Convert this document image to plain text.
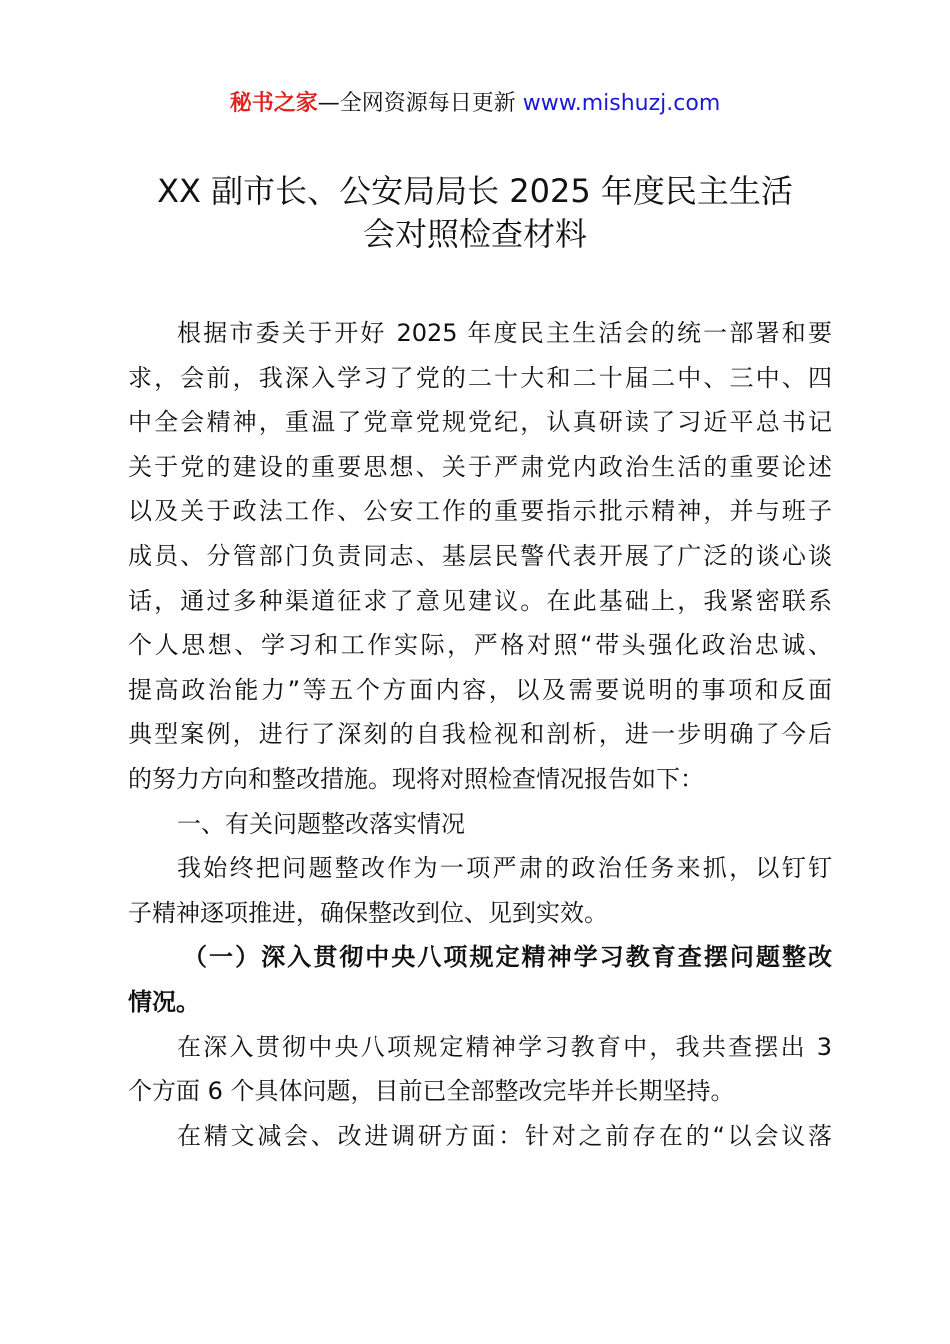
秘书之家—全网资源每日更新 www.mishuzj.com
XX 副市长、公安局局长 2025 年度民主生活
会对照检查材料
根据市委关于开好 2025 年度民主生活会的统一部署和要
求，会前，我深入学习了党的二十大和二十届二中、三中、四
中全会精神，重温了党章党规党纪，认真研读了习近平总书记
关于党的建设的重要思想、关于严肃党内政治生活的重要论述
以及关于政法工作、公安工作的重要指示批示精神，并与班子
成员、分管部门负责同志、基层民警代表开展了广泛的谈心谈
话，通过多种渠道征求了意见建议。在此基础上，我紧密联系
个人思想、学习和工作实际，严格对照“带头强化政治忠诚、
提高政治能力”等五个方面内容，以及需要说明的事项和反面
典型案例，进行了深刻的自我检视和剖析，进一步明确了今后
的努力方向和整改措施。现将对照检查情况报告如下：
一、有关问题整改落实情况
我始终把问题整改作为一项严肃的政治任务来抓，以钉钉
子精神逐项推进，确保整改到位、见到实效。
（一）深入贯彻中央八项规定精神学习教育查摆问题整改
情况。
在深入贯彻中央八项规定精神学习教育中，我共查摆出 3
个方面 6 个具体问题，目前已全部整改完毕并长期坚持。
在精文减会、改进调研方面：针对之前存在的“以会议落
